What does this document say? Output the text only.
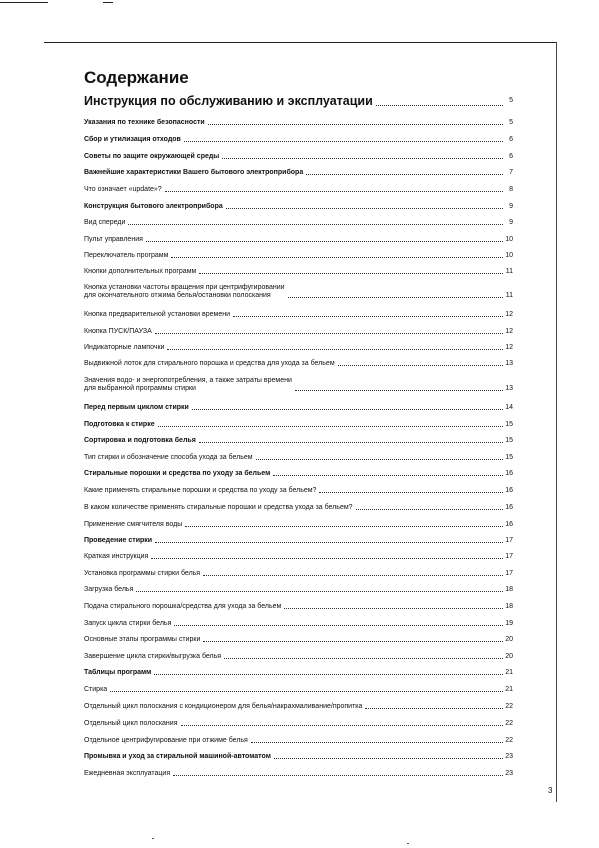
Содержание
Инструкция по обслуживанию и эксплуатации	5
Указания по технике безопасности	5
Сбор и утилизация отходов	6
Советы по защите окружающей среды	6
Важнейшие характеристики Вашего бытового электроприбора	7
Что означает «update»?	8
Конструкция бытового электроприбора	9
Вид спереди	9
Пульт управления	10
Переключатель программ	10
Кнопки дополнительных программ	11
Кнопка установки частоты вращения при центрифугировании
для окончательного отжима белья/остановки полоскания	11
Кнопка предварительной установки времени	12
Кнопка ПУСК/ПАУЗА	12
Индикаторные лампочки	12
Выдвижной лоток для стирального порошка и средства для ухода за бельем	13
Значения водо- и энергопотребления, а также затраты времени
для выбранной программы стирки	13
Перед первым циклом стирки	14
Подготовка к стирке	15
Сортировка и подготовка белья	15
Тип стирки и обозначение способа ухода за бельем	15
Стиральные порошки и средства по уходу за бельем	16
Какие применять стиральные порошки и средства по уходу за бельем?	16
В каком количестве применять стиральные порошки и средства ухода за бельем?	16
Применение смягчителя воды	16
Проведение стирки	17
Краткая инструкция	17
Установка программы стирки белья	17
Загрузка белья	18
Подача стирального порошка/средства для ухода за бельем	18
Запуск цикла стирки белья	19
Основные этапы программы стирки	20
Завершение цикла стирки/выгрузка белья	20
Таблицы программ	21
Стирка	21
Отдельный цикл полоскания с кондиционером для белья/накрахмаливание/пропитка	22
Отдельный цикл полоскания	22
Отдельное центрифугирование при отжиме белья	22
Промывка и уход за стиральной машиной-автоматом	23
Ежедневная эксплуатация	23
3
